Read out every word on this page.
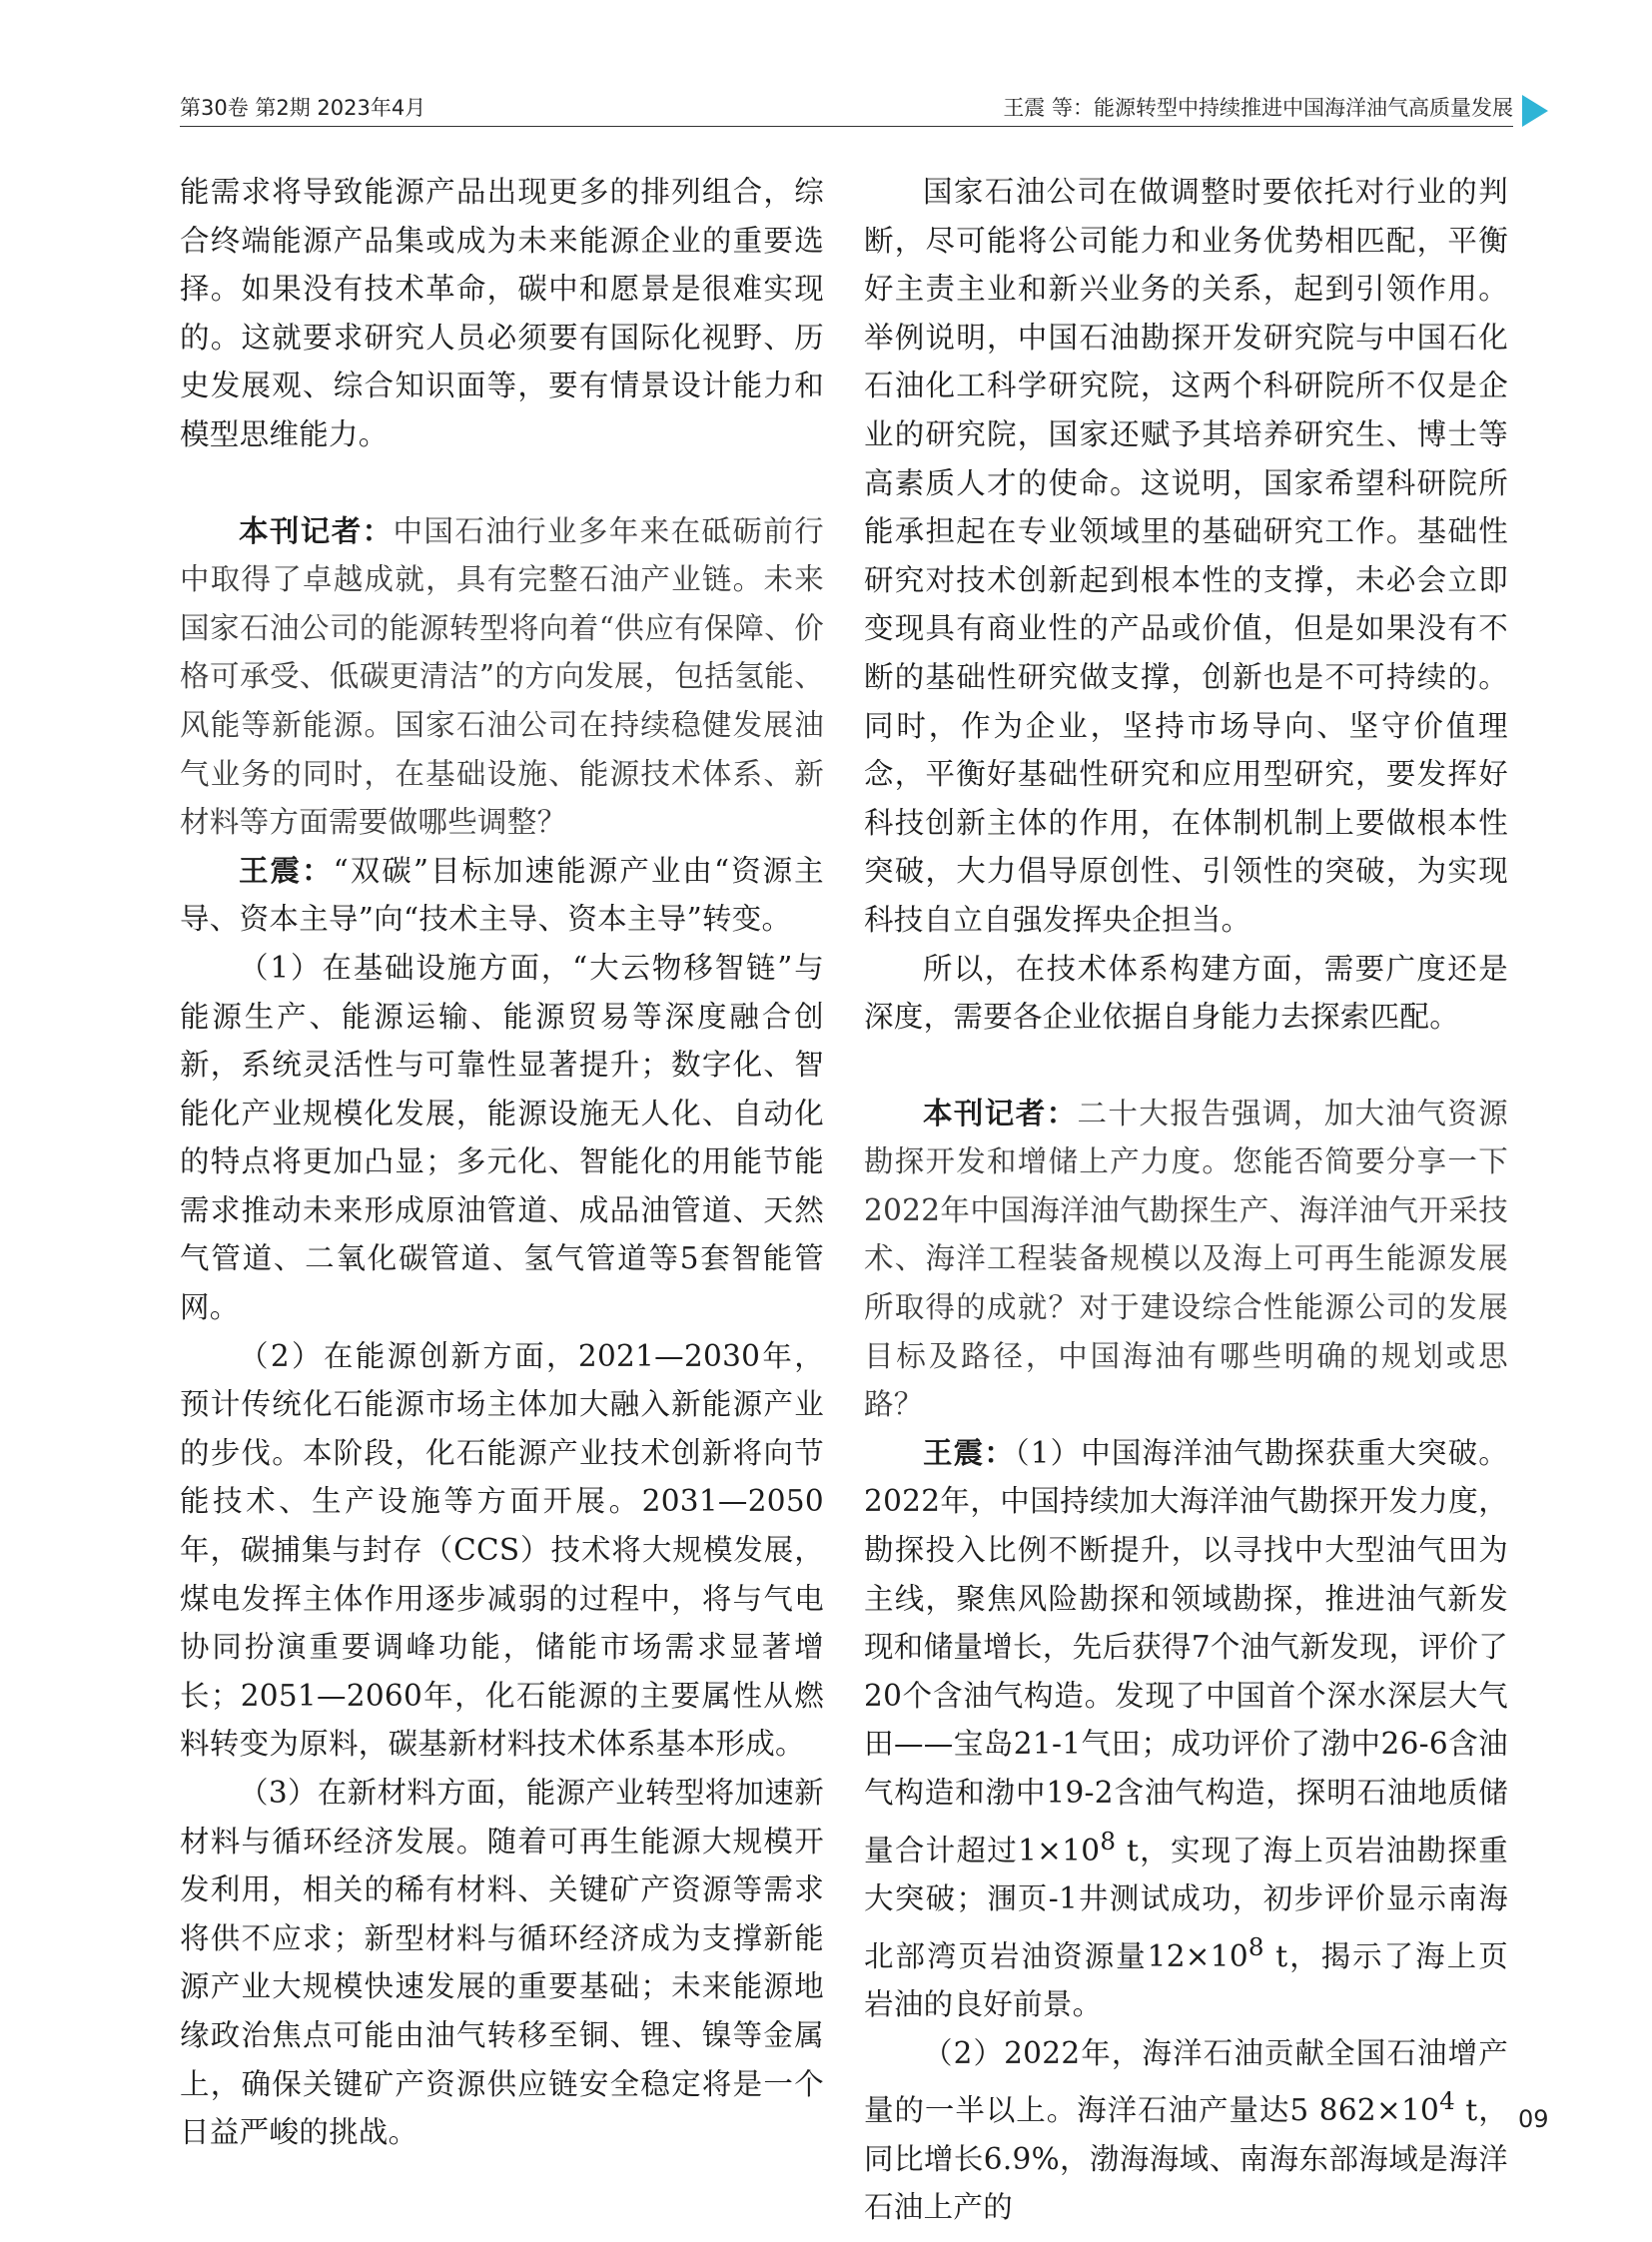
第30卷 第2期 2023年4月	王震 等：能源转型中持续推进中国海洋油气高质量发展

能需求将导致能源产品出现更多的排列组合，综合终端能源产品集或成为未来能源企业的重要选择。如果没有技术革命，碳中和愿景是很难实现的。这就要求研究人员必须要有国际化视野、历史发展观、综合知识面等，要有情景设计能力和模型思维能力。

本刊记者：中国石油行业多年来在砥砺前行中取得了卓越成就，具有完整石油产业链。未来国家石油公司的能源转型将向着“供应有保障、价格可承受、低碳更清洁”的方向发展，包括氢能、风能等新能源。国家石油公司在持续稳健发展油气业务的同时，在基础设施、能源技术体系、新材料等方面需要做哪些调整？

王震：“双碳”目标加速能源产业由“资源主导、资本主导”向“技术主导、资本主导”转变。

（1）在基础设施方面，“大云物移智链”与能源生产、能源运输、能源贸易等深度融合创新，系统灵活性与可靠性显著提升；数字化、智能化产业规模化发展，能源设施无人化、自动化的特点将更加凸显；多元化、智能化的用能节能需求推动未来形成原油管道、成品油管道、天然气管道、二氧化碳管道、氢气管道等5套智能管网。

（2）在能源创新方面，2021—2030年，预计传统化石能源市场主体加大融入新能源产业的步伐。本阶段，化石能源产业技术创新将向节能技术、生产设施等方面开展。2031—2050年，碳捕集与封存（CCS）技术将大规模发展，煤电发挥主体作用逐步减弱的过程中，将与气电协同扮演重要调峰功能，储能市场需求显著增长；2051—2060年，化石能源的主要属性从燃料转变为原料，碳基新材料技术体系基本形成。

（3）在新材料方面，能源产业转型将加速新材料与循环经济发展。随着可再生能源大规模开发利用，相关的稀有材料、关键矿产资源等需求将供不应求；新型材料与循环经济成为支撑新能源产业大规模快速发展的重要基础；未来能源地缘政治焦点可能由油气转移至铜、锂、镍等金属上，确保关键矿产资源供应链安全稳定将是一个日益严峻的挑战。

国家石油公司在做调整时要依托对行业的判断，尽可能将公司能力和业务优势相匹配，平衡好主责主业和新兴业务的关系，起到引领作用。举例说明，中国石油勘探开发研究院与中国石化石油化工科学研究院，这两个科研院所不仅是企业的研究院，国家还赋予其培养研究生、博士等高素质人才的使命。这说明，国家希望科研院所能承担起在专业领域里的基础研究工作。基础性研究对技术创新起到根本性的支撑，未必会立即变现具有商业性的产品或价值，但是如果没有不断的基础性研究做支撑，创新也是不可持续的。同时，作为企业，坚持市场导向、坚守价值理念，平衡好基础性研究和应用型研究，要发挥好科技创新主体的作用，在体制机制上要做根本性突破，大力倡导原创性、引领性的突破，为实现科技自立自强发挥央企担当。

所以，在技术体系构建方面，需要广度还是深度，需要各企业依据自身能力去探索匹配。

本刊记者：二十大报告强调，加大油气资源勘探开发和增储上产力度。您能否简要分享一下2022年中国海洋油气勘探生产、海洋油气开采技术、海洋工程装备规模以及海上可再生能源发展所取得的成就？对于建设综合性能源公司的发展目标及路径，中国海油有哪些明确的规划或思路？

王震：（1）中国海洋油气勘探获重大突破。2022年，中国持续加大海洋油气勘探开发力度，勘探投入比例不断提升，以寻找中大型油气田为主线，聚焦风险勘探和领域勘探，推进油气新发现和储量增长，先后获得7个油气新发现，评价了20个含油气构造。发现了中国首个深水深层大气田——宝岛21-1气田；成功评价了渤中26-6含油气构造和渤中19-2含油气构造，探明石油地质储量合计超过$1\times 10^8$ t，实现了海上页岩油勘探重大突破；涠页-1井测试成功，初步评价显示南海北部湾页岩油资源量$12\times 10^8$ t，揭示了海上页岩油的良好前景。

（2）2022年，海洋石油贡献全国石油增产量的一半以上。海洋石油产量达5 $862\times 10^4$ t，同比增长6.9%，渤海海域、南海东部海域是海洋石油上产的

09
